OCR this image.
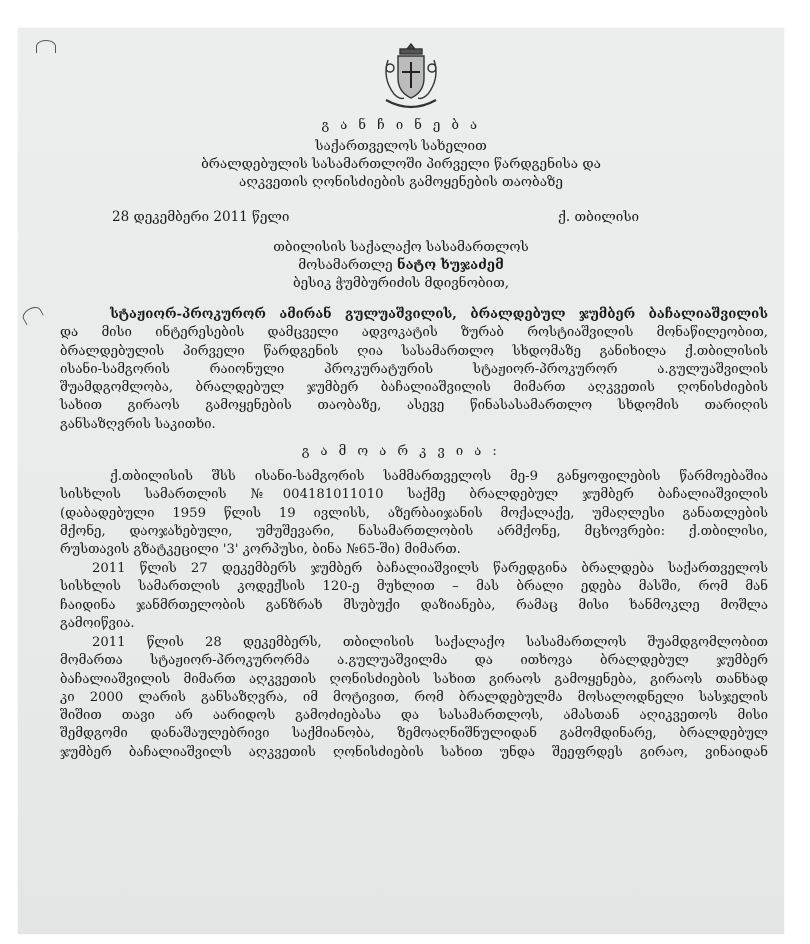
გ ა ნ ჩ ი ნ ე ბ ა
საქართველოს სახელით
ბრალდებულის სასამართლოში პირველი წარდგენისა და
აღკვეთის ღონისძიების გამოყენების თაობაზე
28 დეკემბერი 2011 წელი	ქ. თბილისი
თბილისის საქალაქო სასამართლოს
მოსამართლე ნატო ხუჯაძემ
ბესიკ ჭუმბურიძის მდივნობით,
სტაჟიორ-პროკურორ ამირან გულუაშვილის, ბრალდებულ ჯუმბერ ბაჩალიაშვილის
და მისი ინტერესების დამცველი ადვოკატის ზურაბ როსტიაშვილის მონაწილეობით,
ბრალდებულის პირველი წარდგენის ღია სასამართლო სხდომაზე განიხილა ქ.თბილისის
ისანი-სამგორის რაიონული პროკურატურის სტაჟიორ-პროკურორ ა.გულუაშვილის
შუამდგომლობა, ბრალდებულ ჯუმბერ ბაჩალიაშვილის მიმართ აღკვეთის ღონისძიების
სახით გირაოს გამოყენების თაობაზე, ასევე წინასასამართლო სხდომის თარიღის
განსაზღვრის საკითხი.
გ ა მ ო ა რ კ ვ ი ა :
ქ.თბილისის შსს ისანი-სამგორის სამმართველოს მე-9 განყოფილების წარმოებაშია
სისხლის სამართლის №004181011010 საქმე ბრალდებულ ჯუმბერ ბაჩალიაშვილის
(დაბადებული 1959 წლის 19 ივლისს, აზერბაიჯანის მოქალაქე, უმაღლესი განათლების
მქონე, დაოჯახებული, უმუშევარი, ნასამართლობის არმქონე, მცხოვრები: ქ.თბილისი,
რუსთავის გზატკეცილი '3' კორპუსი, ბინა №65-ში) მიმართ.
2011 წლის 27 დეკემბერს ჯუმბერ ბაჩალიაშვილს წარედგინა ბრალდება საქართველოს
სისხლის სამართლის კოდექსის 120-ე მუხლით – მას ბრალი ედება მასში, რომ მან
ჩაიდინა ჯანმრთელობის განზრახ მსუბუქი დაზიანება, რამაც მისი ხანმოკლე მოშლა
გამოიწვია.
2011 წლის 28 დეკემბერს, თბილისის საქალაქო სასამართლოს შუამდგომლობით
მომართა სტაჟიორ-პროკურორმა ა.გულუაშვილმა და ითხოვა ბრალდებულ ჯუმბერ
ბაჩალიაშვილის მიმართ აღკვეთის ღონისძიების სახით გირაოს გამოყენება, გირაოს თანხად
კი 2000 ლარის განსაზღვრა, იმ მოტივით, რომ ბრალდებულმა მოსალოდნელი სასჯელის
შიშით თავი არ აარიდოს გამოძიებასა და სასამართლოს, ამასთან აღიკვეთოს მისი
შემდგომი დანაშაულებრივი საქმიანობა, ზემოაღნიშნულიდან გამომდინარე, ბრალდებულ
ჯუმბერ ბაჩალიაშვილს აღკვეთის ღონისძიების სახით უნდა შეეფრდეს გირაო, ვინაიდან
